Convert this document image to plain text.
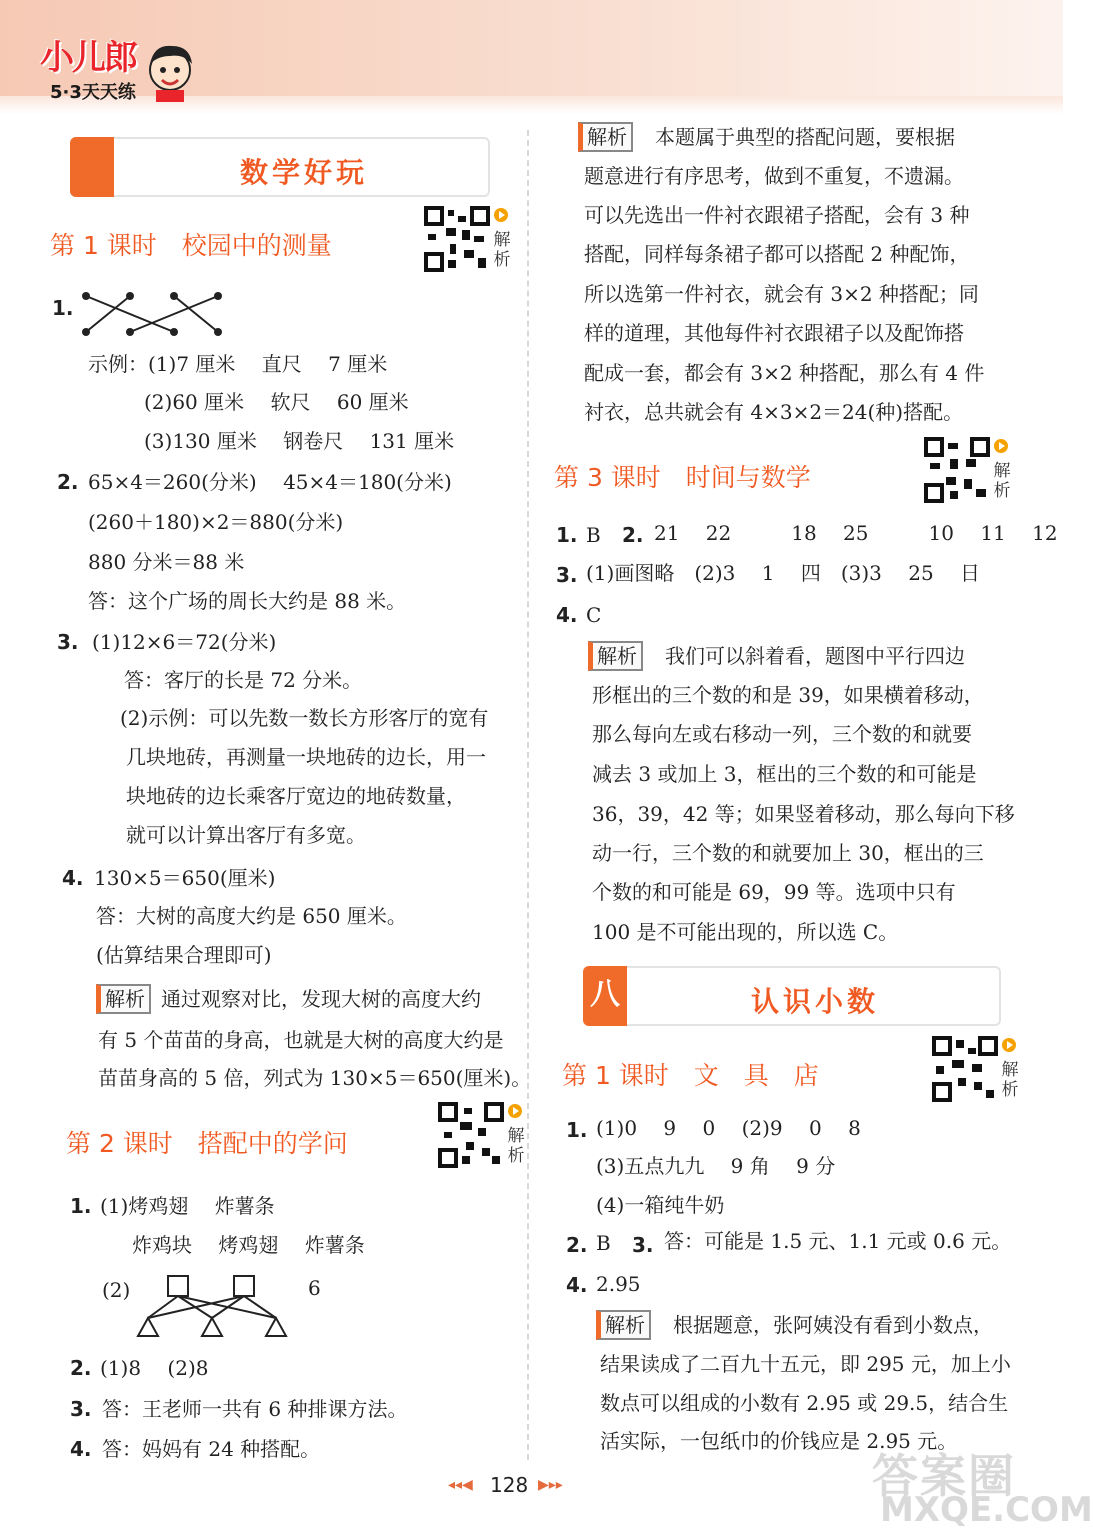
小儿郎
5·3天天练
数学好玩
第 1 课时　校园中的测量	解析
1.
示例：(1)7 厘米　 直尺　 7 厘米
(2)60 厘米　 软尺　 60 厘米
(3)130 厘米　 钢卷尺　 131 厘米
2. 65×4＝260(分米)　 45×4＝180(分米)
(260＋180)×2＝880(分米)
880 分米＝88 米
答：这个广场的周长大约是 88 米。
3. (1)12×6＝72(分米)
答：客厅的长是 72 分米。
(2)示例：可以先数一数长方形客厅的宽有
几块地砖，再测量一块地砖的边长，用一
块地砖的边长乘客厅宽边的地砖数量，
就可以计算出客厅有多宽。
4. 130×5＝650(厘米)
答：大树的高度大约是 650 厘米。
(估算结果合理即可)
解析 通过观察对比，发现大树的高度大约
有 5 个苗苗的身高，也就是大树的高度大约是
苗苗身高的 5 倍，列式为 130×5＝650(厘米)。
第 2 课时　搭配中的学问	解析
1. (1)烤鸡翅　 炸薯条
炸鸡块　 烤鸡翅　 炸薯条
(2)	6
2. (1)8　 (2)8
3. 答：王老师一共有 6 种排课方法。
4. 答：妈妈有 24 种搭配。
解析 本题属于典型的搭配问题，要根据
题意进行有序思考，做到不重复，不遗漏。
可以先选出一件衬衣跟裙子搭配，会有 3 种
搭配，同样每条裙子都可以搭配 2 种配饰，
所以选第一件衬衣，就会有 3×2 种搭配；同
样的道理，其他每件衬衣跟裙子以及配饰搭
配成一套，都会有 3×2 种搭配，那么有 4 件
衬衣，总共就会有 4×3×2＝24(种)搭配。
第 3 课时　时间与数学	解析
1. B 2. 21　 22　　　18　 25　　　10　 11　 12
3. (1)画图略　(2)3　 1　 四　(3)3　 25　 日
4. C
解析 我们可以斜着看，题图中平行四边
形框出的三个数的和是 39，如果横着移动，
那么每向左或右移动一列，三个数的和就要
减去 3 或加上 3，框出的三个数的和可能是
36，39，42 等；如果竖着移动，那么每向下移
动一行，三个数的和就要加上 30，框出的三
个数的和可能是 69，99 等。选项中只有
100 是不可能出现的，所以选 C。
八	认识小数
第 1 课时　文　具　店	解析
1. (1)0　 9　 0　 (2)9　 0　 8
(3)五点九九　 9 角　 9 分
(4)一箱纯牛奶
2. B 3. 答：可能是 1.5 元、1.1 元或 0.6 元。
4. 2.95
解析 根据题意，张阿姨没有看到小数点，
结果读成了二百九十五元，即 295 元，加上小
数点可以组成的小数有 2.95 或 29.5，结合生
活实际，一包纸巾的价钱应是 2.95 元。
◂◂◀ 128 ▶▸▸	答案圈
MXQE.COM
